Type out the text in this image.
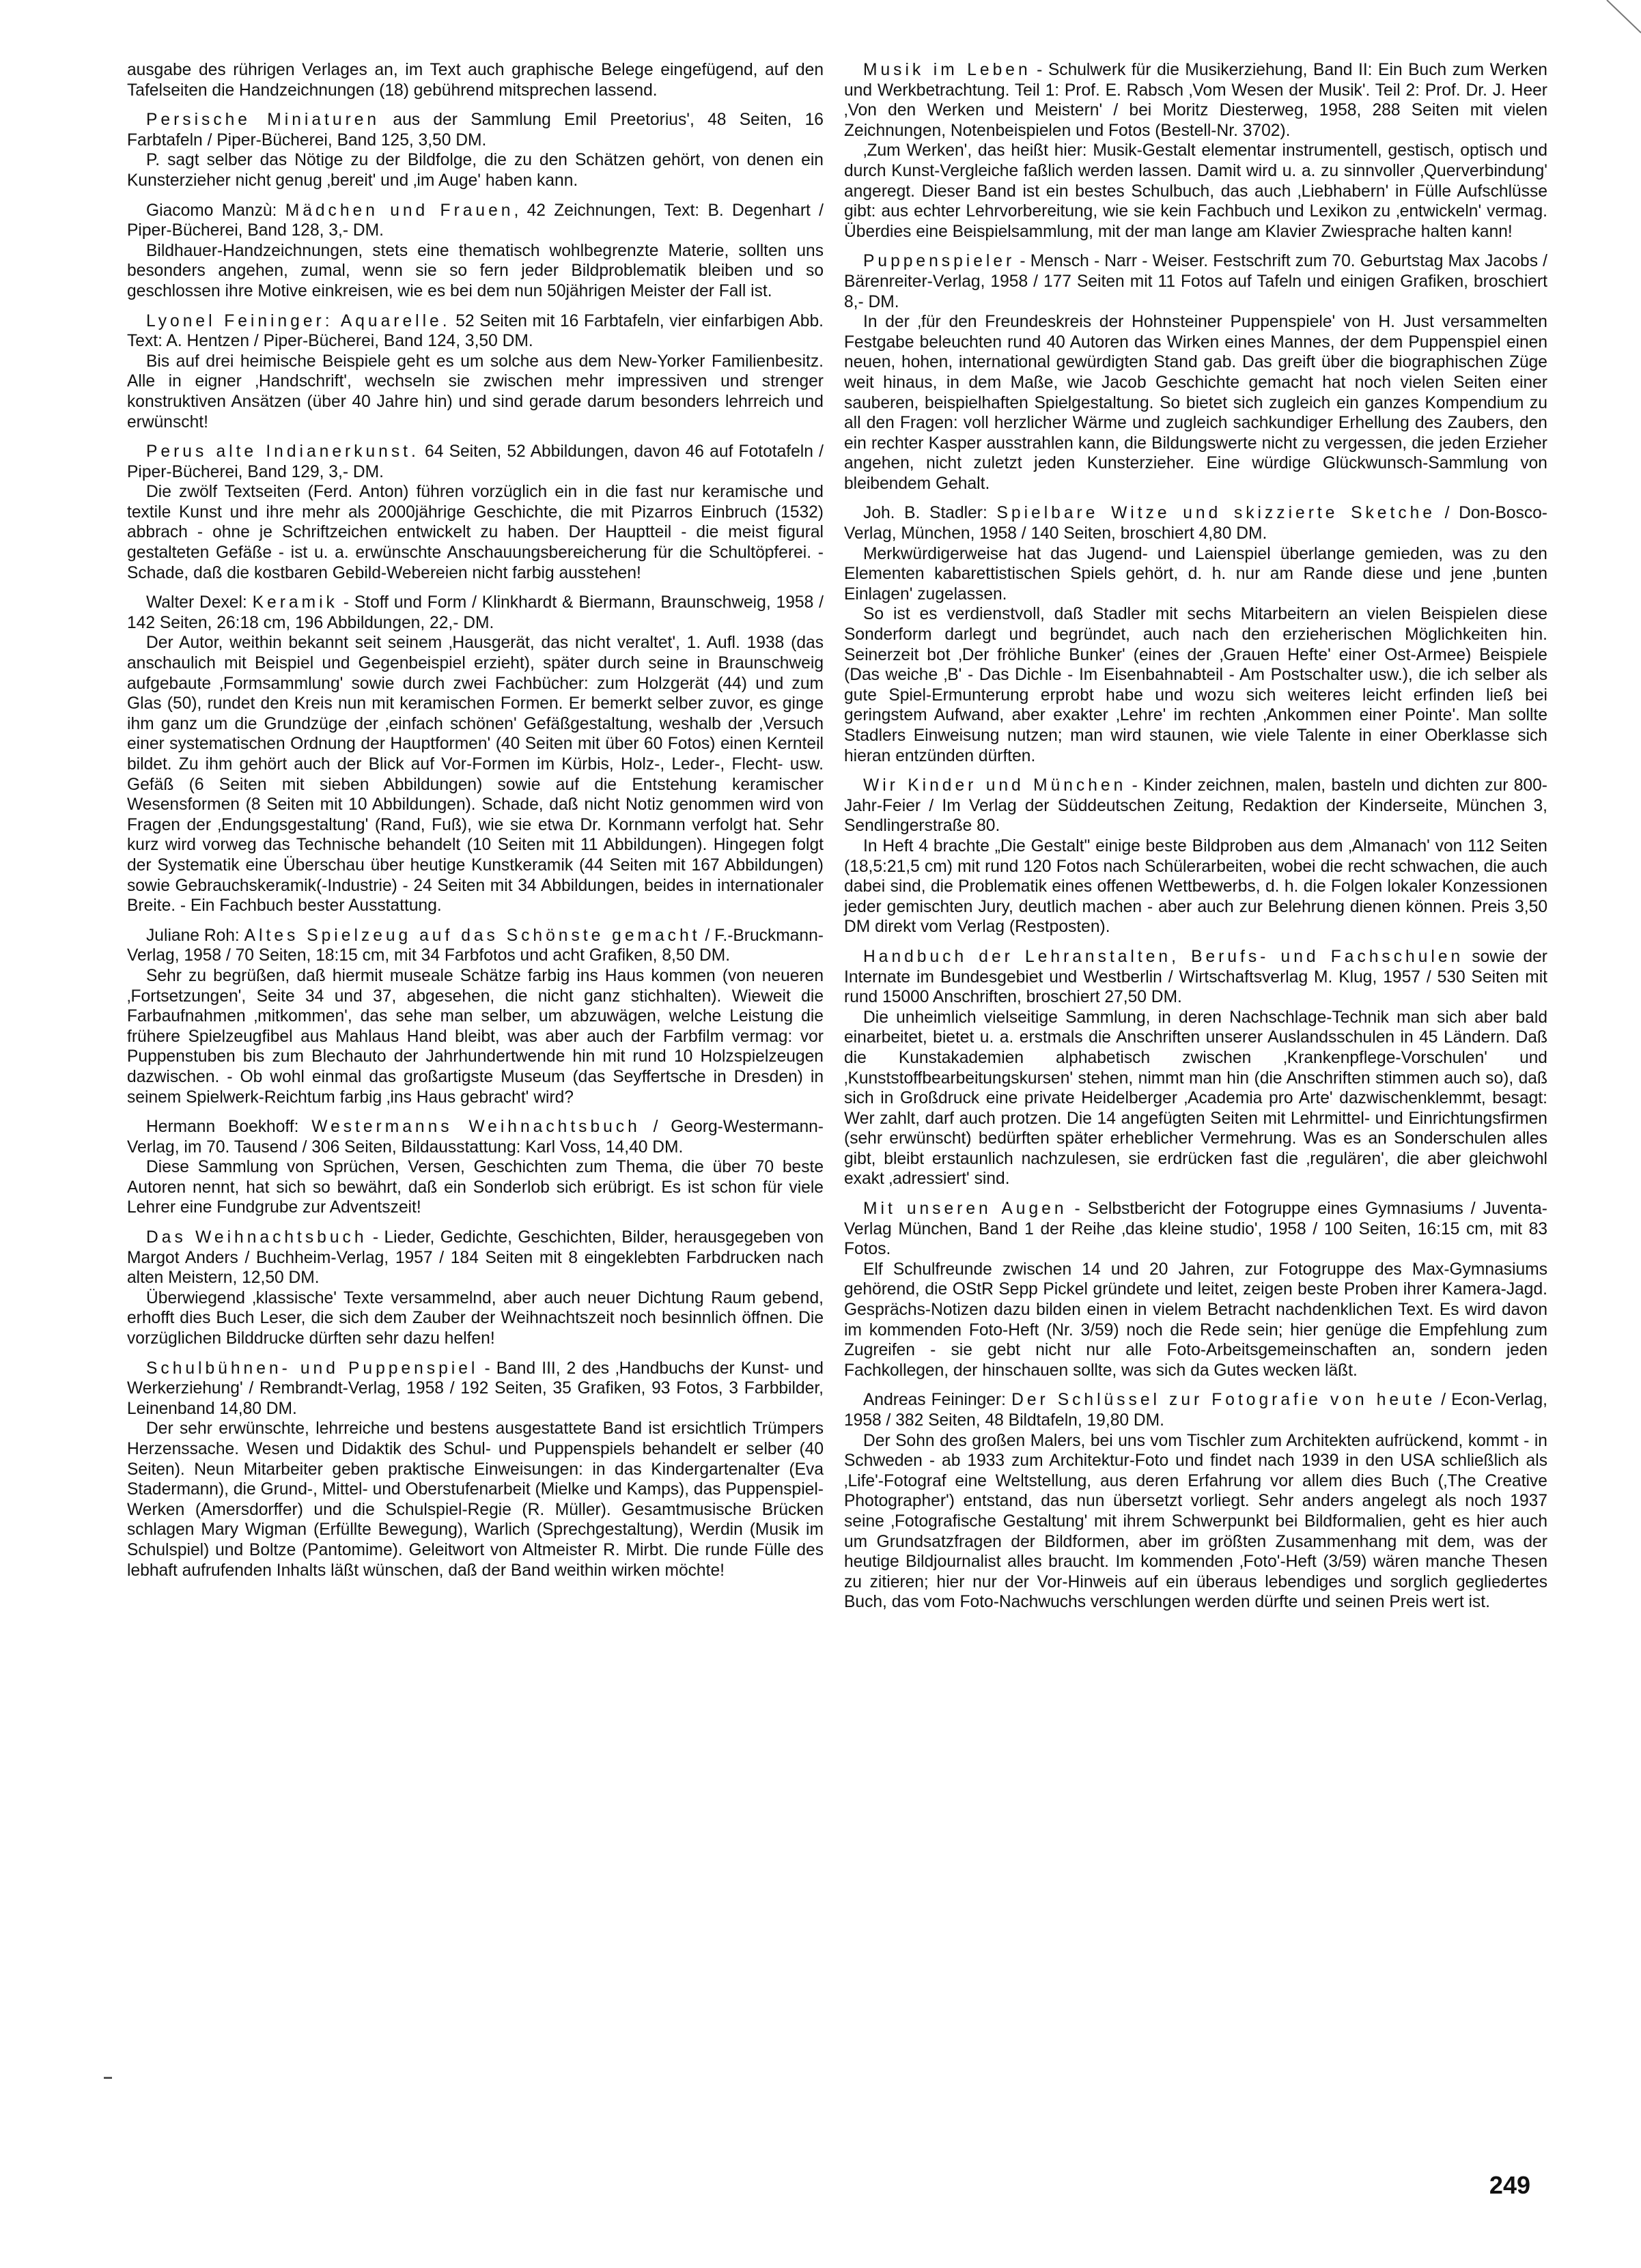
ausgabe des rührigen Verlages an, im Text auch graphische Belege eingefügend, auf den Tafelseiten die Handzeichnungen (18) gebührend mitsprechen lassend.

Persische Miniaturen aus der Sammlung Emil Preetorius', 48 Seiten, 16 Farbtafeln / Piper-Bücherei, Band 125, 3,50 DM.

P. sagt selber das Nötige zu der Bildfolge, die zu den Schätzen gehört, von denen ein Kunsterzieher nicht genug ‚bereit' und ‚im Auge' haben kann.

Giacomo Manzù: Mädchen und Frauen, 42 Zeichnungen, Text: B. Degenhart / Piper-Bücherei, Band 128, 3,- DM.

Bildhauer-Handzeichnungen, stets eine thematisch wohlbegrenzte Materie, sollten uns besonders angehen, zumal, wenn sie so fern jeder Bildproblematik bleiben und so geschlossen ihre Motive einkreisen, wie es bei dem nun 50jährigen Meister der Fall ist.

Lyonel Feininger: Aquarelle. 52 Seiten mit 16 Farbtafeln, vier einfarbigen Abb. Text: A. Hentzen / Piper-Bücherei, Band 124, 3,50 DM.

Bis auf drei heimische Beispiele geht es um solche aus dem New-Yorker Familienbesitz. Alle in eigner ‚Handschrift', wechseln sie zwischen mehr impressiven und strenger konstruktiven Ansätzen (über 40 Jahre hin) und sind gerade darum besonders lehrreich und erwünscht!

Perus alte Indianerkunst. 64 Seiten, 52 Abbildungen, davon 46 auf Fototafeln / Piper-Bücherei, Band 129, 3,- DM.

Die zwölf Textseiten (Ferd. Anton) führen vorzüglich ein in die fast nur keramische und textile Kunst und ihre mehr als 2000jährige Geschichte, die mit Pizarros Einbruch (1532) abbrach - ohne je Schriftzeichen entwickelt zu haben. Der Hauptteil - die meist figural gestalteten Gefäße - ist u. a. erwünschte Anschauungsbereicherung für die Schultöpferei. - Schade, daß die kostbaren Gebild-Webereien nicht farbig ausstehen!

Walter Dexel: Keramik - Stoff und Form / Klinkhardt & Biermann, Braunschweig, 1958 / 142 Seiten, 26:18 cm, 196 Abbildungen, 22,- DM.

Der Autor, weithin bekannt seit seinem ‚Hausgerät, das nicht veraltet', 1. Aufl. 1938 (das anschaulich mit Beispiel und Gegenbeispiel erzieht), später durch seine in Braunschweig aufgebaute ‚Formsammlung' sowie durch zwei Fachbücher: zum Holzgerät (44) und zum Glas (50), rundet den Kreis nun mit keramischen Formen. Er bemerkt selber zuvor, es ginge ihm ganz um die Grundzüge der ‚einfach schönen' Gefäßgestaltung, weshalb der ‚Versuch einer systematischen Ordnung der Hauptformen' (40 Seiten mit über 60 Fotos) einen Kernteil bildet. Zu ihm gehört auch der Blick auf Vor-Formen im Kürbis, Holz-, Leder-, Flecht- usw. Gefäß (6 Seiten mit sieben Abbildungen) sowie auf die Entstehung keramischer Wesensformen (8 Seiten mit 10 Abbildungen). Schade, daß nicht Notiz genommen wird von Fragen der ‚Endungsgestaltung' (Rand, Fuß), wie sie etwa Dr. Kornmann verfolgt hat. Sehr kurz wird vorweg das Technische behandelt (10 Seiten mit 11 Abbildungen). Hingegen folgt der Systematik eine Überschau über heutige Kunstkeramik (44 Seiten mit 167 Abbildungen) sowie Gebrauchskeramik(-Industrie) - 24 Seiten mit 34 Abbildungen, beides in internationaler Breite. - Ein Fachbuch bester Ausstattung.

Juliane Roh: Altes Spielzeug auf das Schönste gemacht / F.-Bruckmann-Verlag, 1958 / 70 Seiten, 18:15 cm, mit 34 Farbfotos und acht Grafiken, 8,50 DM.

Sehr zu begrüßen, daß hiermit museale Schätze farbig ins Haus kommen (von neueren ‚Fortsetzungen', Seite 34 und 37, abgesehen, die nicht ganz stichhalten). Wieweit die Farbaufnahmen ‚mitkommen', das sehe man selber, um abzuwägen, welche Leistung die frühere Spielzeugfibel aus Mahlaus Hand bleibt, was aber auch der Farbfilm vermag: vor Puppenstuben bis zum Blechauto der Jahrhundertwende hin mit rund 10 Holzspielzeugen dazwischen. - Ob wohl einmal das großartigste Museum (das Seyffertsche in Dresden) in seinem Spielwerk-Reichtum farbig ‚ins Haus gebracht' wird?

Hermann Boekhoff: Westermanns Weihnachtsbuch / Georg-Westermann-Verlag, im 70. Tausend / 306 Seiten, Bildausstattung: Karl Voss, 14,40 DM.

Diese Sammlung von Sprüchen, Versen, Geschichten zum Thema, die über 70 beste Autoren nennt, hat sich so bewährt, daß ein Sonderlob sich erübrigt. Es ist schon für viele Lehrer eine Fundgrube zur Adventszeit!

Das Weihnachtsbuch - Lieder, Gedichte, Geschichten, Bilder, herausgegeben von Margot Anders / Buchheim-Verlag, 1957 / 184 Seiten mit 8 eingeklebten Farbdrucken nach alten Meistern, 12,50 DM.

Überwiegend ‚klassische' Texte versammelnd, aber auch neuer Dichtung Raum gebend, erhofft dies Buch Leser, die sich dem Zauber der Weihnachtszeit noch besinnlich öffnen. Die vorzüglichen Bilddrucke dürften sehr dazu helfen!

Schulbühnen- und Puppenspiel - Band III, 2 des ‚Handbuchs der Kunst- und Werkerziehung' / Rembrandt-Verlag, 1958 / 192 Seiten, 35 Grafiken, 93 Fotos, 3 Farbbilder, Leinenband 14,80 DM.

Der sehr erwünschte, lehrreiche und bestens ausgestattete Band ist ersichtlich Trümpers Herzenssache. Wesen und Didaktik des Schul- und Puppenspiels behandelt er selber (40 Seiten). Neun Mitarbeiter geben praktische Einweisungen: in das Kindergartenalter (Eva Stadermann), die Grund-, Mittel- und Oberstufenarbeit (Mielke und Kamps), das Puppenspiel-Werken (Amersdorffer) und die Schulspiel-Regie (R. Müller). Gesamtmusische Brücken schlagen Mary Wigman (Erfüllte Bewegung), Warlich (Sprechgestaltung), Werdin (Musik im Schulspiel) und Boltze (Pantomime). Geleitwort von Altmeister R. Mirbt. Die runde Fülle des lebhaft aufrufenden Inhalts läßt wünschen, daß der Band weithin wirken möchte!

Musik im Leben - Schulwerk für die Musikerziehung, Band II: Ein Buch zum Werken und Werkbetrachtung. Teil 1: Prof. E. Rabsch ‚Vom Wesen der Musik'. Teil 2: Prof. Dr. J. Heer ‚Von den Werken und Meistern' / bei Moritz Diesterweg, 1958, 288 Seiten mit vielen Zeichnungen, Notenbeispielen und Fotos (Bestell-Nr. 3702).

‚Zum Werken', das heißt hier: Musik-Gestalt elementar instrumentell, gestisch, optisch und durch Kunst-Vergleiche faßlich werden lassen. Damit wird u. a. zu sinnvoller ‚Querverbindung' angeregt. Dieser Band ist ein bestes Schulbuch, das auch ‚Liebhabern' in Fülle Aufschlüsse gibt: aus echter Lehrvorbereitung, wie sie kein Fachbuch und Lexikon zu ‚entwickeln' vermag. Überdies eine Beispielsammlung, mit der man lange am Klavier Zwiesprache halten kann!

Puppenspieler - Mensch - Narr - Weiser. Festschrift zum 70. Geburtstag Max Jacobs / Bärenreiter-Verlag, 1958 / 177 Seiten mit 11 Fotos auf Tafeln und einigen Grafiken, broschiert 8,- DM.

In der ‚für den Freundeskreis der Hohnsteiner Puppenspiele' von H. Just versammelten Festgabe beleuchten rund 40 Autoren das Wirken eines Mannes, der dem Puppenspiel einen neuen, hohen, international gewürdigten Stand gab. Das greift über die biographischen Züge weit hinaus, in dem Maße, wie Jacob Geschichte gemacht hat noch vielen Seiten einer sauberen, beispielhaften Spielgestaltung. So bietet sich zugleich ein ganzes Kompendium zu all den Fragen: voll herzlicher Wärme und zugleich sachkundiger Erhellung des Zaubers, den ein rechter Kasper ausstrahlen kann, die Bildungswerte nicht zu vergessen, die jeden Erzieher angehen, nicht zuletzt jeden Kunsterzieher. Eine würdige Glückwunsch-Sammlung von bleibendem Gehalt.

Joh. B. Stadler: Spielbare Witze und skizzierte Sketche / Don-Bosco-Verlag, München, 1958 / 140 Seiten, broschiert 4,80 DM.

Merkwürdigerweise hat das Jugend- und Laienspiel überlange gemieden, was zu den Elementen kabarettistischen Spiels gehört, d. h. nur am Rande diese und jene ‚bunten Einlagen' zugelassen.

So ist es verdienstvoll, daß Stadler mit sechs Mitarbeitern an vielen Beispielen diese Sonderform darlegt und begründet, auch nach den erzieherischen Möglichkeiten hin. Seinerzeit bot ‚Der fröhliche Bunker' (eines der ‚Grauen Hefte' einer Ost-Armee) Beispiele (Das weiche ‚B' - Das Dichle - Im Eisenbahnabteil - Am Postschalter usw.), die ich selber als gute Spiel-Ermunterung erprobt habe und wozu sich weiteres leicht erfinden ließ bei geringstem Aufwand, aber exakter ‚Lehre' im rechten ‚Ankommen einer Pointe'. Man sollte Stadlers Einweisung nutzen; man wird staunen, wie viele Talente in einer Oberklasse sich hieran entzünden dürften.

Wir Kinder und München - Kinder zeichnen, malen, basteln und dichten zur 800-Jahr-Feier / Im Verlag der Süddeutschen Zeitung, Redaktion der Kinderseite, München 3, Sendlingerstraße 80.

In Heft 4 brachte „Die Gestalt" einige beste Bildproben aus dem ‚Almanach' von 112 Seiten (18,5:21,5 cm) mit rund 120 Fotos nach Schülerarbeiten, wobei die recht schwachen, die auch dabei sind, die Problematik eines offenen Wettbewerbs, d. h. die Folgen lokaler Konzessionen jeder gemischten Jury, deutlich machen - aber auch zur Belehrung dienen können. Preis 3,50 DM direkt vom Verlag (Restposten).

Handbuch der Lehranstalten, Berufs- und Fachschulen sowie der Internate im Bundesgebiet und Westberlin / Wirtschaftsverlag M. Klug, 1957 / 530 Seiten mit rund 15000 Anschriften, broschiert 27,50 DM.

Die unheimlich vielseitige Sammlung, in deren Nachschlage-Technik man sich aber bald einarbeitet, bietet u. a. erstmals die Anschriften unserer Auslandsschulen in 45 Ländern. Daß die Kunstakademien alphabetisch zwischen ‚Krankenpflege-Vorschulen' und ‚Kunststoffbearbeitungskursen' stehen, nimmt man hin (die Anschriften stimmen auch so), daß sich in Großdruck eine private Heidelberger ‚Academia pro Arte' dazwischenklemmt, besagt: Wer zahlt, darf auch protzen. Die 14 angefügten Seiten mit Lehrmittel- und Einrichtungsfirmen (sehr erwünscht) bedürften später erheblicher Vermehrung. Was es an Sonderschulen alles gibt, bleibt erstaunlich nachzulesen, sie erdrücken fast die ‚regulären', die aber gleichwohl exakt ‚adressiert' sind.

Mit unseren Augen - Selbstbericht der Fotogruppe eines Gymnasiums / Juventa-Verlag München, Band 1 der Reihe ‚das kleine studio', 1958 / 100 Seiten, 16:15 cm, mit 83 Fotos.

Elf Schulfreunde zwischen 14 und 20 Jahren, zur Fotogruppe des Max-Gymnasiums gehörend, die OStR Sepp Pickel gründete und leitet, zeigen beste Proben ihrer Kamera-Jagd. Gesprächs-Notizen dazu bilden einen in vielem Betracht nachdenklichen Text. Es wird davon im kommenden Foto-Heft (Nr. 3/59) noch die Rede sein; hier genüge die Empfehlung zum Zugreifen - sie gebt nicht nur alle Foto-Arbeitsgemeinschaften an, sondern jeden Fachkollegen, der hinschauen sollte, was sich da Gutes wecken läßt.

Andreas Feininger: Der Schlüssel zur Fotografie von heute / Econ-Verlag, 1958 / 382 Seiten, 48 Bildtafeln, 19,80 DM.

Der Sohn des großen Malers, bei uns vom Tischler zum Architekten aufrückend, kommt - in Schweden - ab 1933 zum Architektur-Foto und findet nach 1939 in den USA schließlich als ‚Life'-Fotograf eine Weltstellung, aus deren Erfahrung vor allem dies Buch (‚The Creative Photographer') entstand, das nun übersetzt vorliegt. Sehr anders angelegt als noch 1937 seine ‚Fotografische Gestaltung' mit ihrem Schwerpunkt bei Bildformalien, geht es hier auch um Grundsatzfragen der Bildformen, aber im größten Zusammenhang mit dem, was der heutige Bildjournalist alles braucht. Im kommenden ‚Foto'-Heft (3/59) wären manche Thesen zu zitieren; hier nur der Vor-Hinweis auf ein überaus lebendiges und sorglich gegliedertes Buch, das vom Foto-Nachwuchs verschlungen werden dürfte und seinen Preis wert ist.

249
